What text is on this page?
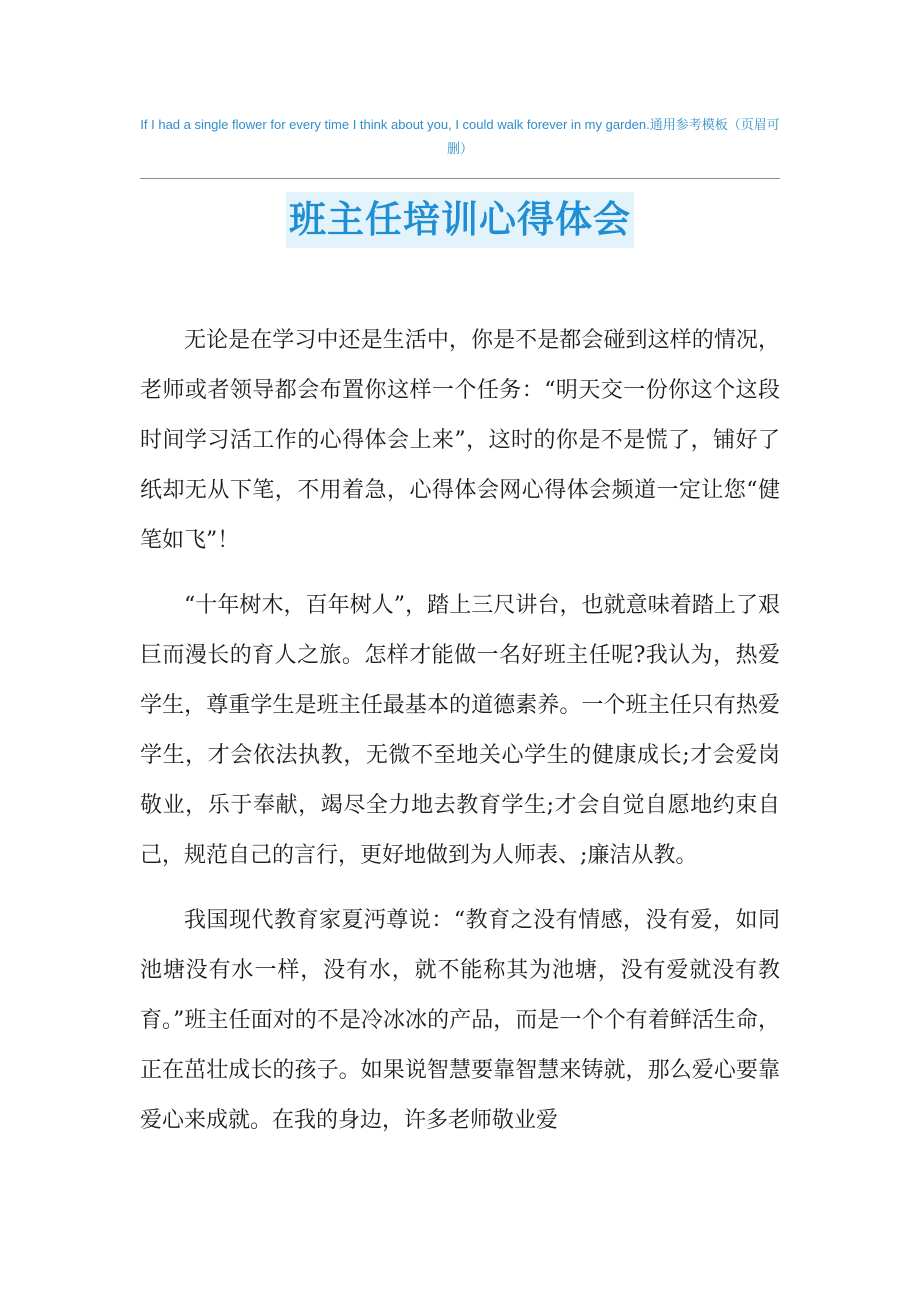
If I had a single flower for every time I think about you, I could walk forever in my garden.通用参考模板（页眉可删）
班主任培训心得体会

无论是在学习中还是生活中，你是不是都会碰到这样的情况，老师或者领导都会布置你这样一个任务：“明天交一份你这个这段时间学习活工作的心得体会上来”，这时的你是不是慌了，铺好了纸却无从下笔，不用着急，心得体会网心得体会频道一定让您“健笔如飞”！

“十年树木，百年树人”，踏上三尺讲台，也就意味着踏上了艰巨而漫长的育人之旅。怎样才能做一名好班主任呢?我认为，热爱学生，尊重学生是班主任最基本的道德素养。一个班主任只有热爱学生，才会依法执教，无微不至地关心学生的健康成长;才会爱岗敬业，乐于奉献，竭尽全力地去教育学生;才会自觉自愿地约束自己，规范自己的言行，更好地做到为人师表、;廉洁从教。

我国现代教育家夏沔尊说：“教育之没有情感，没有爱，如同池塘没有水一样，没有水，就不能称其为池塘，没有爱就没有教育。”班主任面对的不是冷冰冰的产品，而是一个个有着鲜活生命，正在茁壮成长的孩子。如果说智慧要靠智慧来铸就，那么爱心要靠爱心来成就。在我的身边，许多老师敬业爱
